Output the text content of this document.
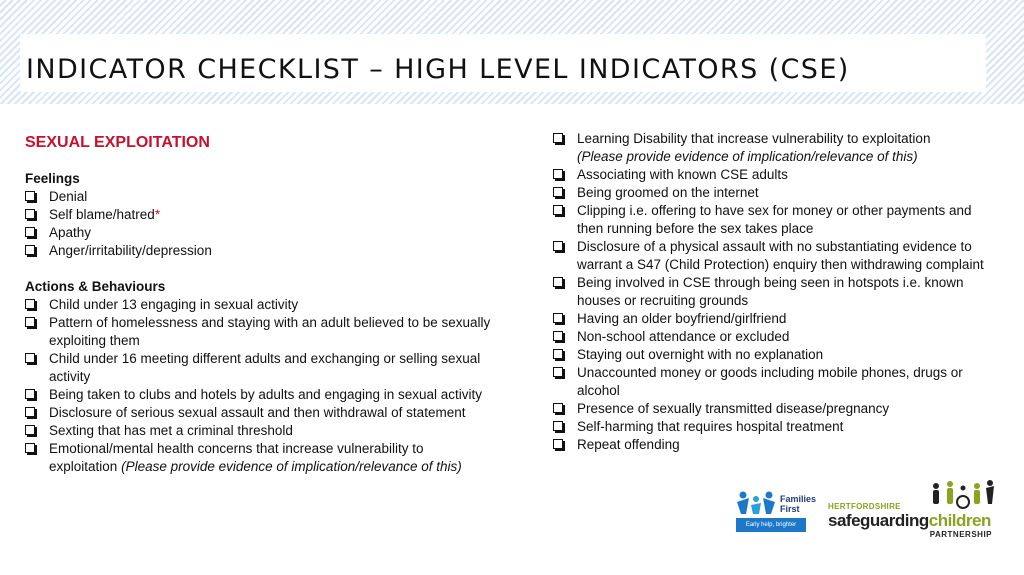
INDICATOR CHECKLIST – HIGH LEVEL INDICATORS (CSE)
SEXUAL EXPLOITATION
Feelings
Denial
Self blame/hatred*
Apathy
Anger/irritability/depression
Actions & Behaviours
Child under 13 engaging in sexual activity
Pattern of homelessness and staying with an adult believed to be sexually exploiting them
Child under 16 meeting different adults and exchanging or selling sexual activity
Being taken to clubs and hotels by adults and engaging in sexual activity
Disclosure of serious sexual assault and then withdrawal of statement
Sexting that has met a criminal threshold
Emotional/mental health concerns that increase vulnerability to exploitation (Please provide evidence of implication/relevance of this)
Learning Disability that increase vulnerability to exploitation
(Please provide evidence of implication/relevance of this)
Associating with known CSE adults
Being groomed on the internet
Clipping i.e. offering to have sex for money or other payments and then running before the sex takes place
Disclosure of a physical assault with no substantiating evidence to warrant a S47 (Child Protection) enquiry then withdrawing complaint
Being involved in CSE through being seen in hotspots i.e. known houses or recruiting grounds
Having an older boyfriend/girlfriend
Non-school attendance or excluded
Staying out overnight with no explanation
Unaccounted money or goods including mobile phones, drugs or alcohol
Presence of sexually transmitted disease/pregnancy
Self-harming that requires hospital treatment
Repeat offending
Families First
Early help, brighter futures
HERTFORDSHIRE
safeguardingchildren
PARTNERSHIP
